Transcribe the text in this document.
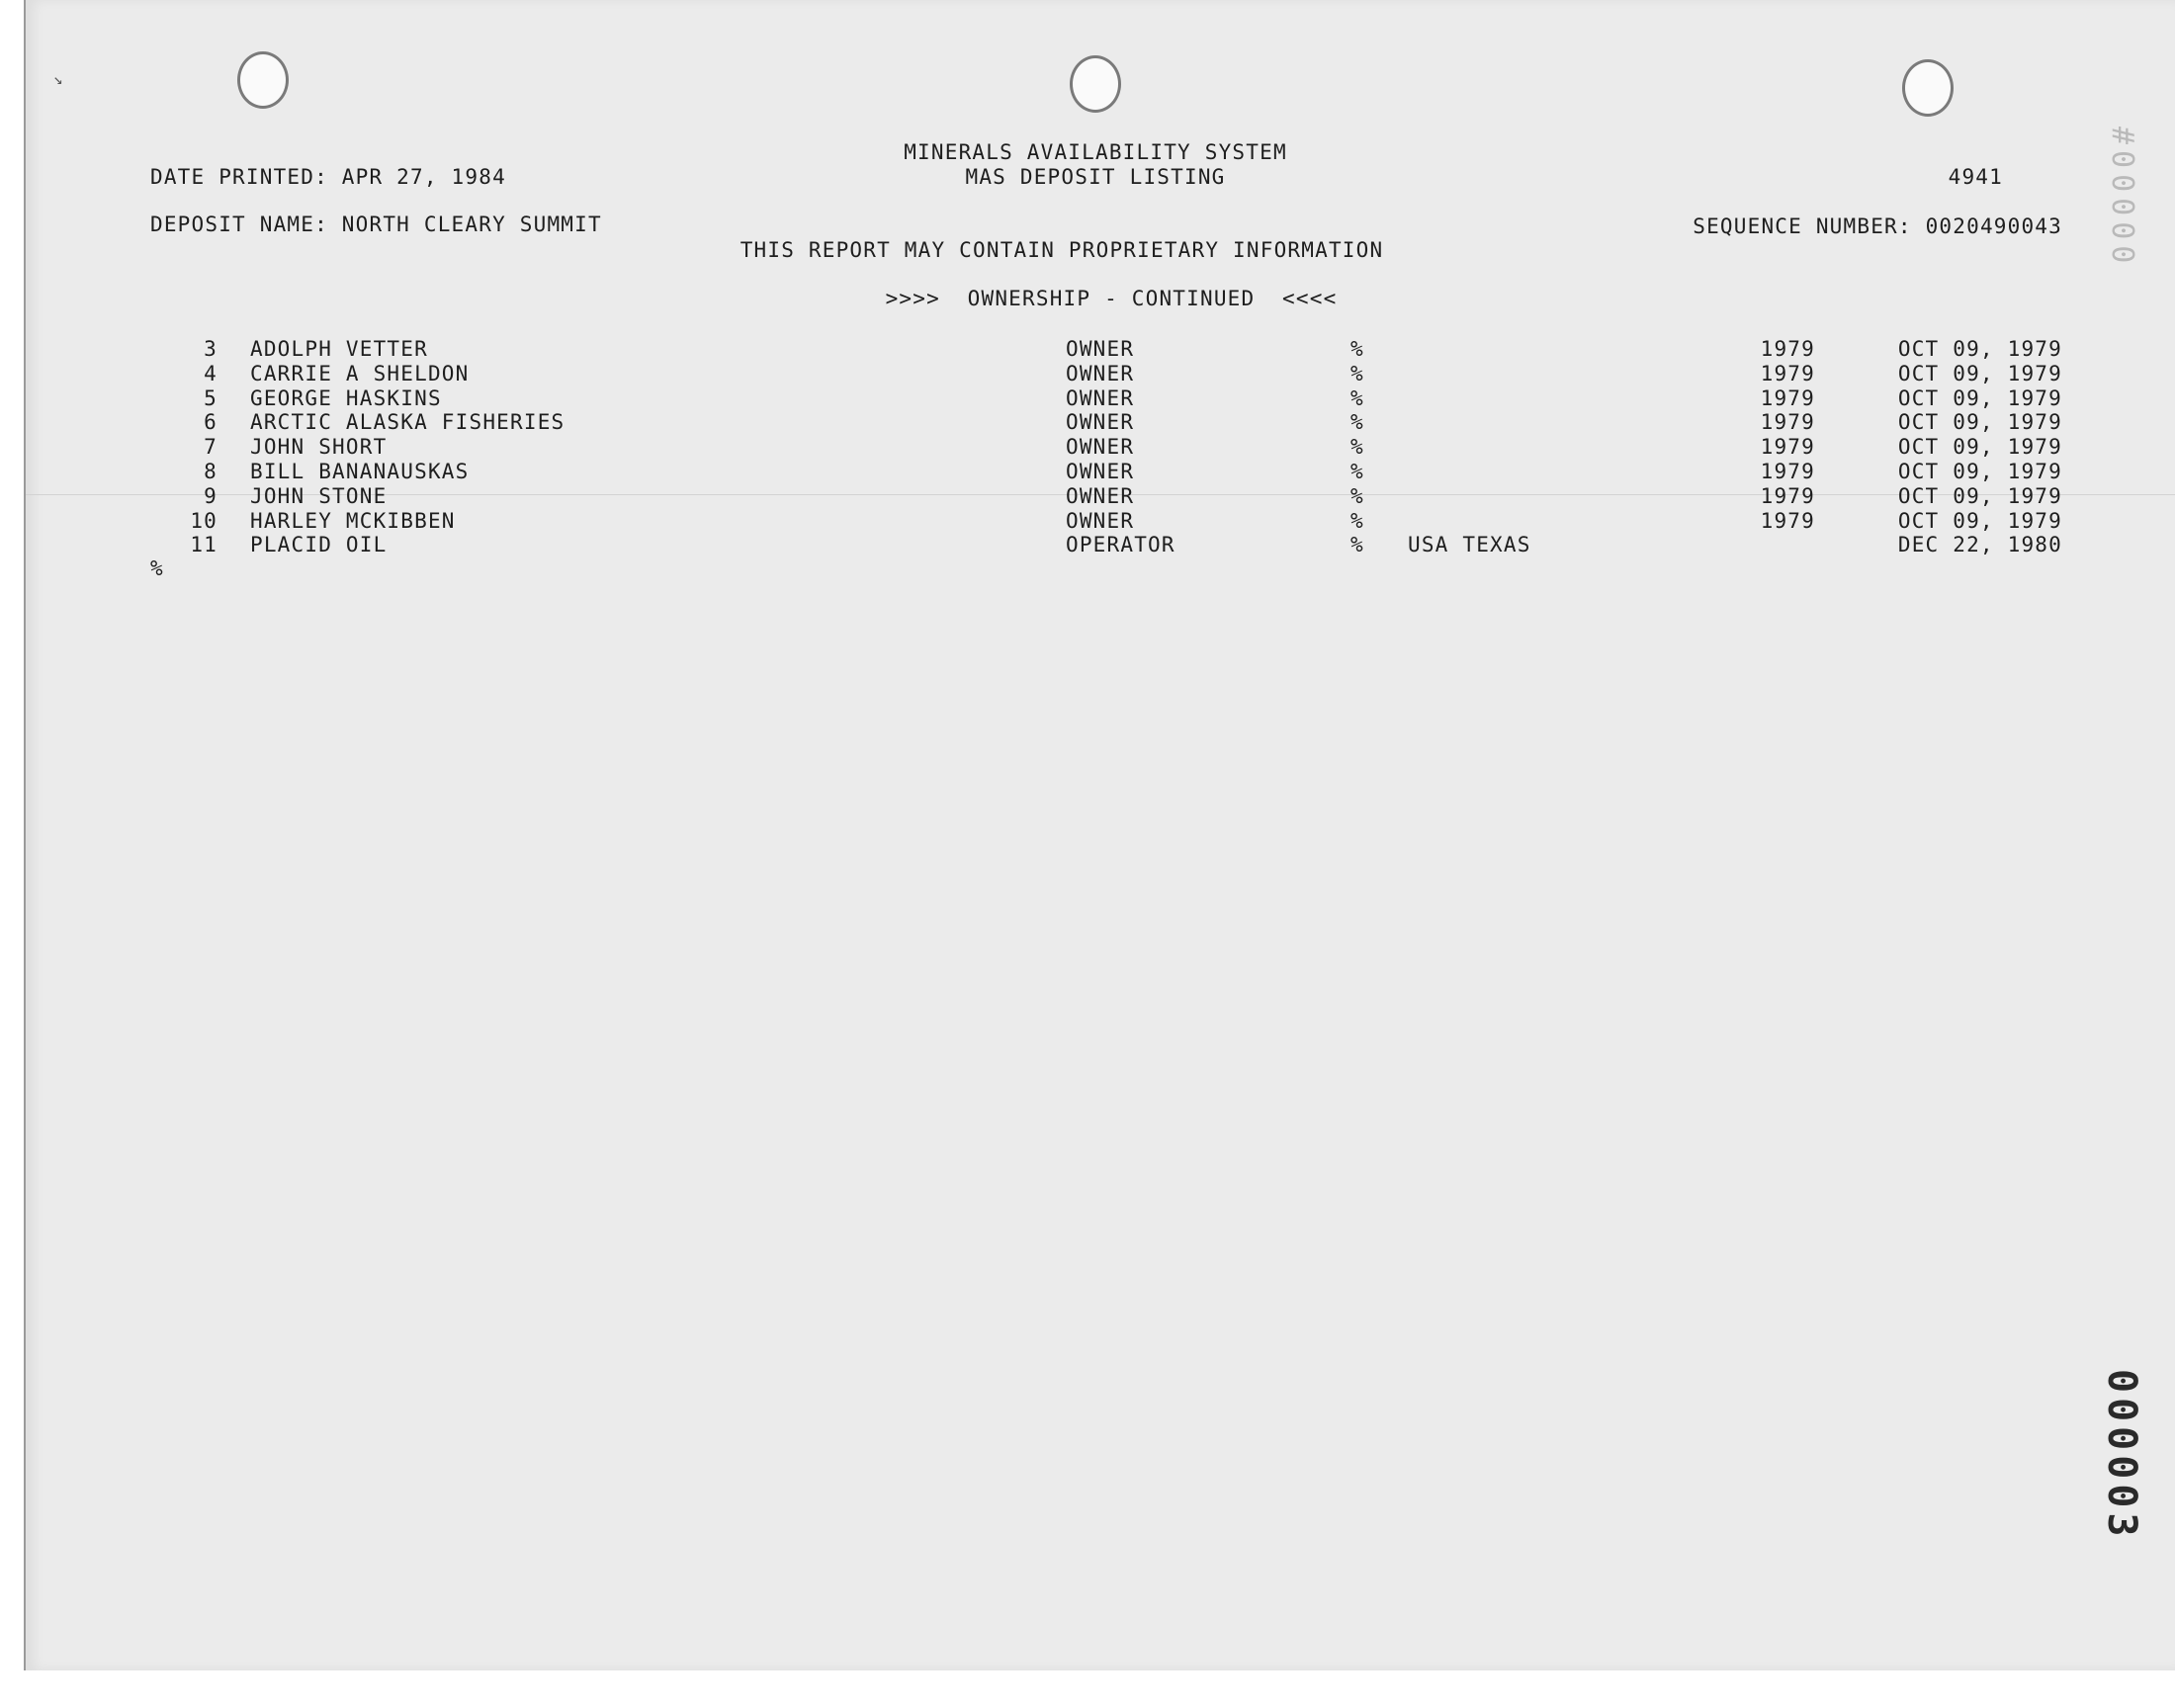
↘
MINERALS AVAILABILITY SYSTEM
MAS DEPOSIT LISTING
DATE PRINTED: APR 27, 1984	4941
DEPOSIT NAME: NORTH CLEARY SUMMIT	SEQUENCE NUMBER: 0020490043
THIS REPORT MAY CONTAIN PROPRIETARY INFORMATION
>>>>  OWNERSHIP - CONTINUED  <<<<
3 ADOLPH VETTER	OWNER	%	1979	OCT 09, 1979
4 CARRIE A SHELDON	OWNER	%	1979	OCT 09, 1979
5 GEORGE HASKINS	OWNER	%	1979	OCT 09, 1979
6 ARCTIC ALASKA FISHERIES	OWNER	%	1979	OCT 09, 1979
7 JOHN SHORT	OWNER	%	1979	OCT 09, 1979
8 BILL BANANAUSKAS	OWNER	%	1979	OCT 09, 1979
9 JOHN STONE	OWNER	%	1979	OCT 09, 1979
10 HARLEY MCKIBBEN	OWNER	%	1979	OCT 09, 1979
11 PLACID OIL	OPERATOR	% USA TEXAS	DEC 22, 1980
%
#00000
000003
